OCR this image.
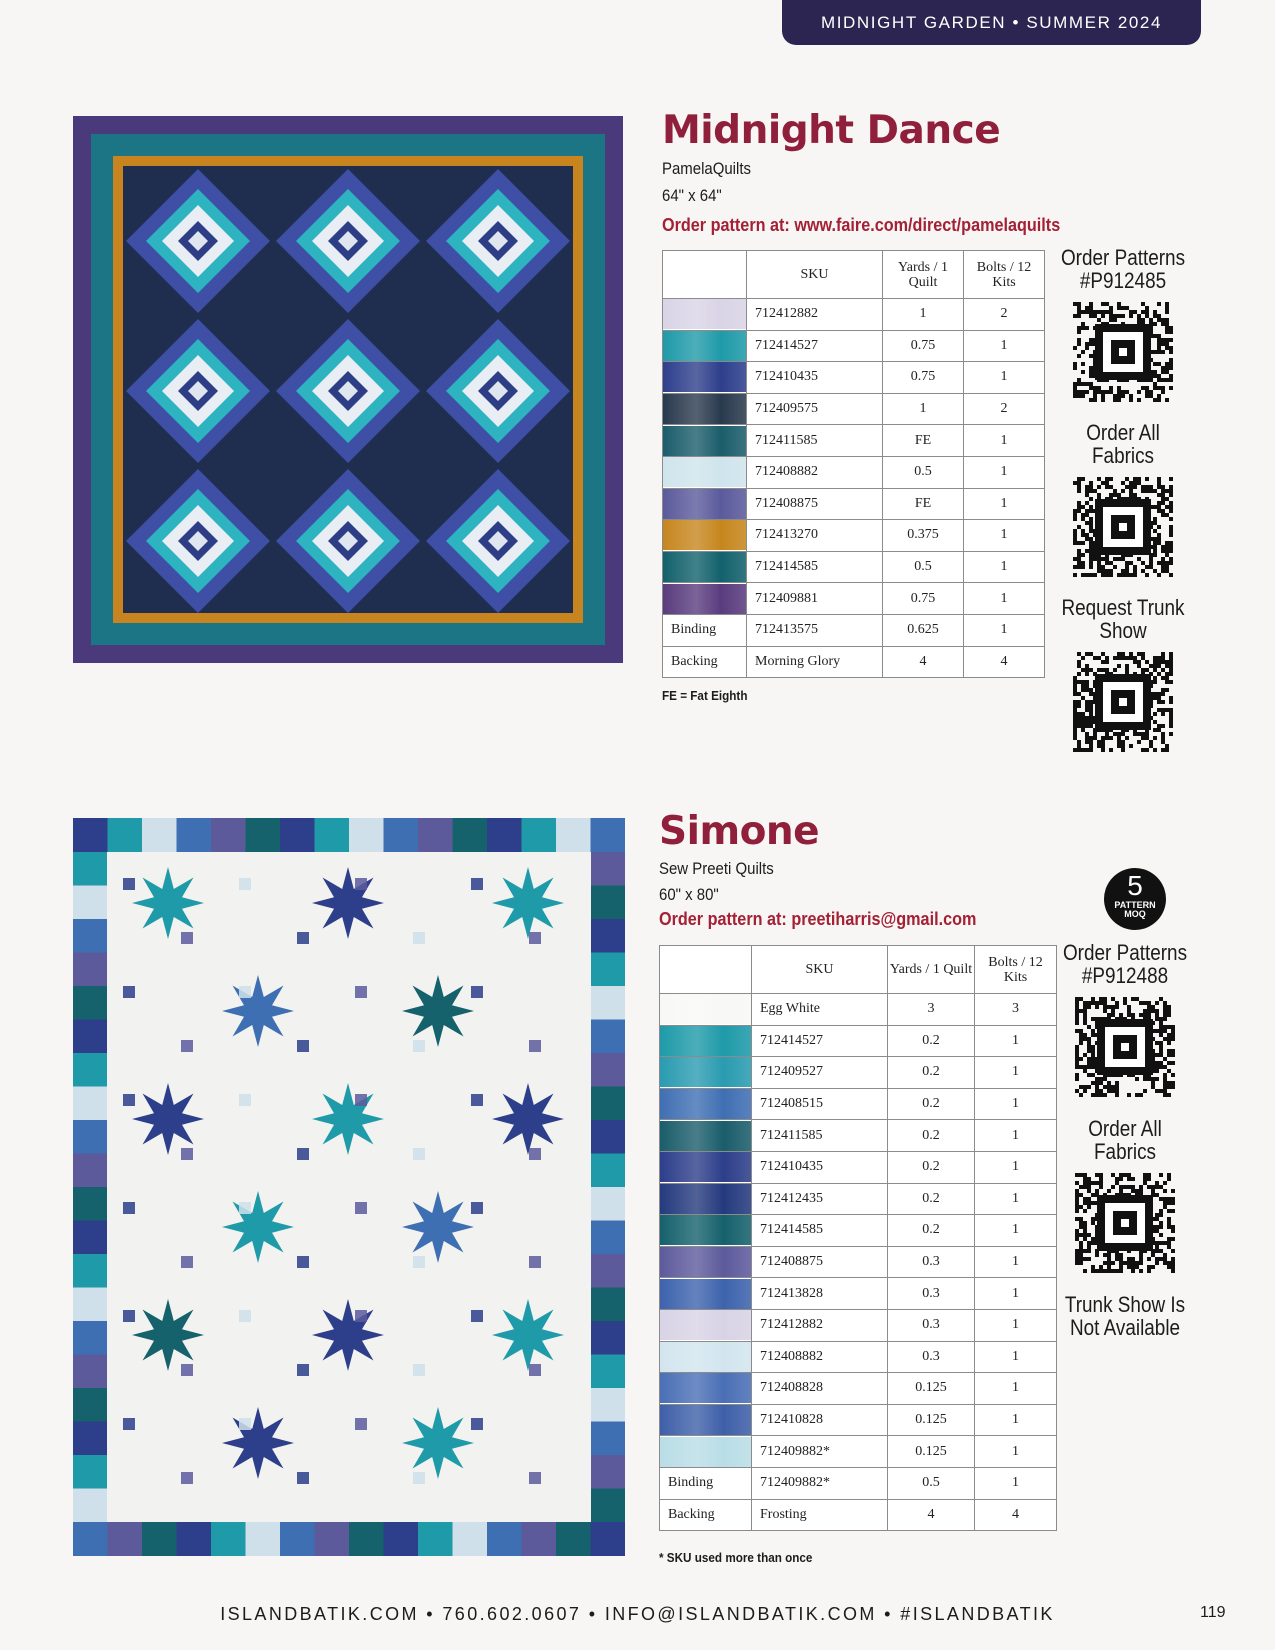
MIDNIGHT GARDEN • SUMMER 2024
Midnight Dance
PamelaQuilts
64" x 64"
Order pattern at: www.faire.com/direct/pamelaquilts
	SKU	Yards / 1 Quilt	Bolts / 12 Kits

	712412882	1	2

	712414527	0.75	1

	712410435	0.75	1

	712409575	1	2

	712411585	FE	1

	712408882	0.5	1

	712408875	FE	1

	712413270	0.375	1

	712414585	0.5	1

	712409881	0.75	1
Binding	712413575	0.625	1
Backing	Morning Glory	4	4
FE = Fat Eighth
Order Patterns
#P912485
Order All
Fabrics
Request Trunk
Show
Simone
Sew Preeti Quilts
60" x 80"
Order pattern at: preetiharris@gmail.com
5
PATTERN MOQ
	SKU	Yards / 1 Quilt	Bolts / 12 Kits

	Egg White	3	3

	712414527	0.2	1

	712409527	0.2	1

	712408515	0.2	1

	712411585	0.2	1

	712410435	0.2	1

	712412435	0.2	1

	712414585	0.2	1

	712408875	0.3	1

	712413828	0.3	1

	712412882	0.3	1

	712408882	0.3	1

	712408828	0.125	1

	712410828	0.125	1

	712409882*	0.125	1
Binding	712409882*	0.5	1
Backing	Frosting	4	4
* SKU used more than once
Order Patterns
#P912488
Order All
Fabrics
Trunk Show Is
Not Available
ISLANDBATIK.COM • 760.602.0607 • INFO@ISLANDBATIK.COM • #ISLANDBATIK	119
